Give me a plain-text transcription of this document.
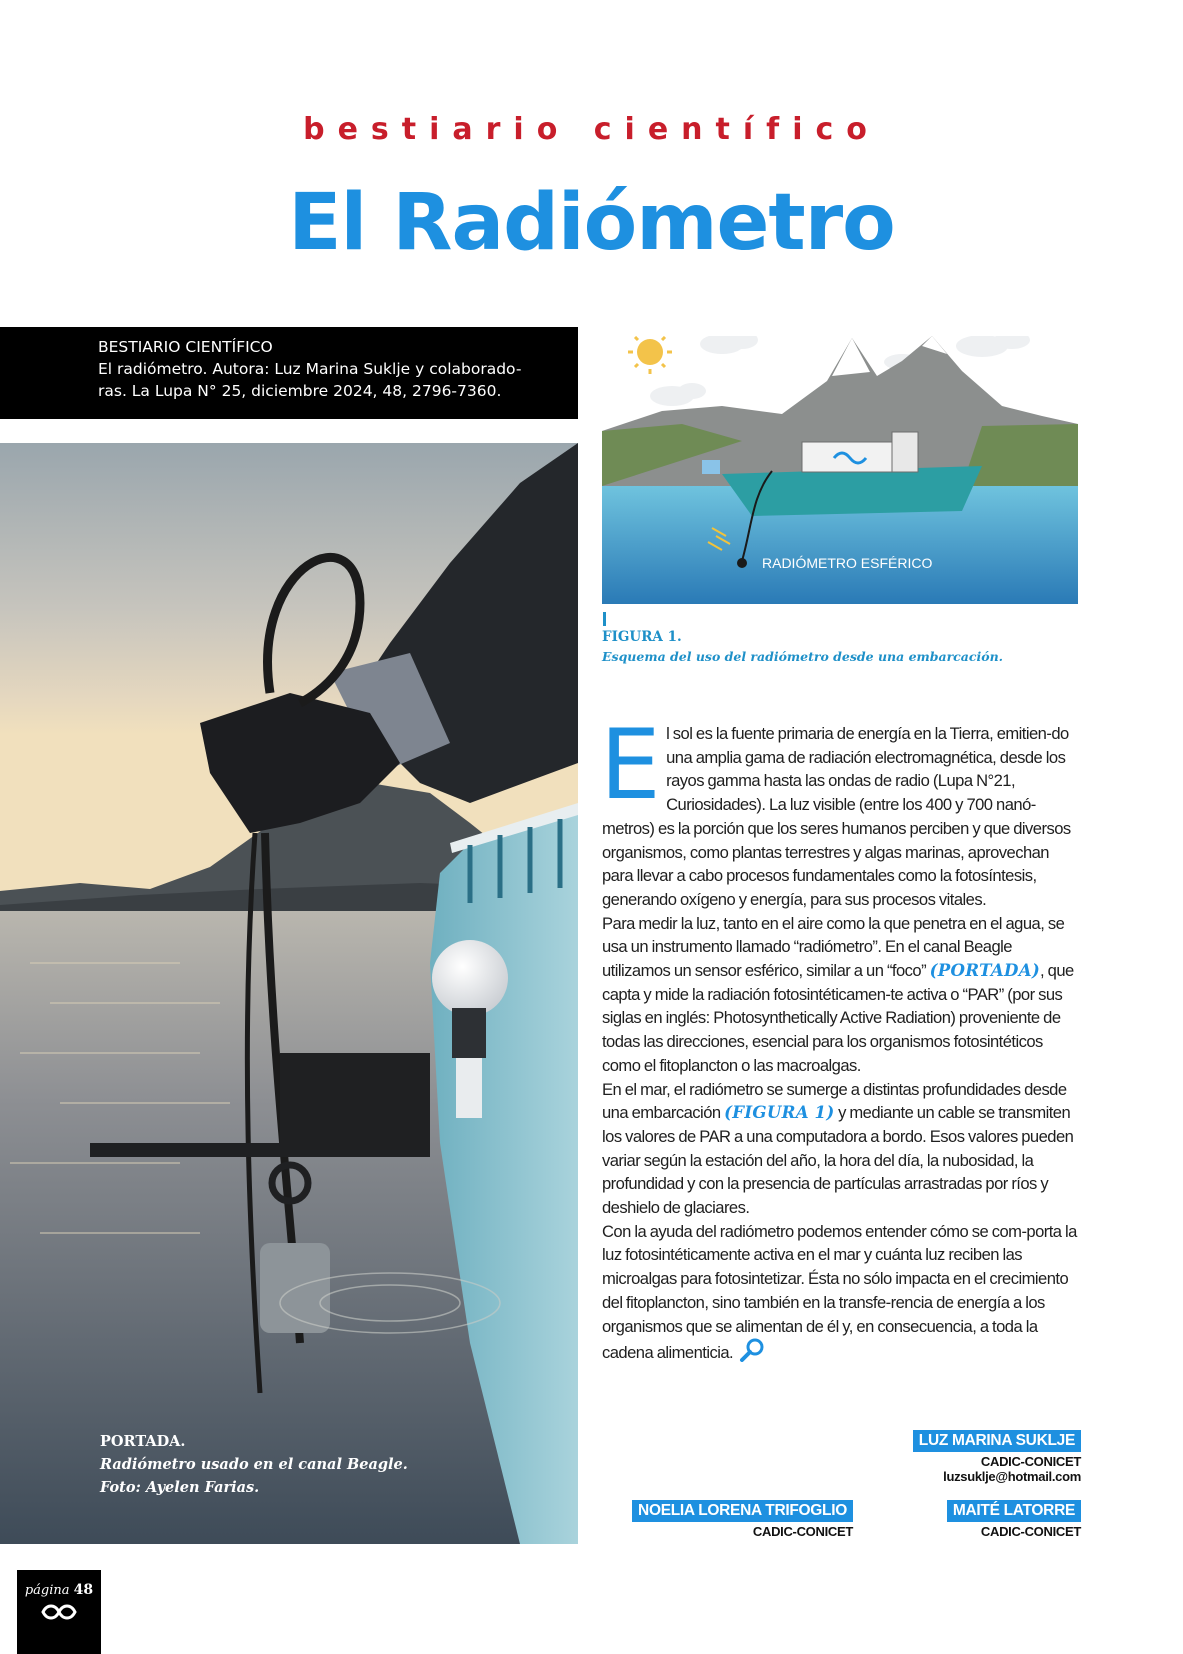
bestiario científico
El Radiómetro
BESTIARIO CIENTÍFICO
El radiómetro. Autora: Luz Marina Suklje y colaborado-
ras. La Lupa N° 25, diciembre 2024, 48, 2796-7360.
PORTADA.
Radiómetro usado en el canal Beagle.
Foto: Ayelen Farias.
RADIÓMETRO ESFÉRICO
FIGURA 1.
Esquema del uso del radiómetro desde una embarcación.
E l sol es la fuente primaria de energía en la Tierra, emitien-do una amplia gama de radiación electromagnética, desde los rayos gamma hasta las ondas de radio (Lupa N°21, Curiosidades). La luz visible (entre los 400 y 700 nanó-metros) es la porción que los seres humanos perciben y que diversos organismos, como plantas terrestres y algas marinas, aprovechan para llevar a cabo procesos fundamentales como la fotosíntesis, generando oxígeno y energía, para sus procesos vitales.

Para medir la luz, tanto en el aire como la que penetra en el agua, se usa un instrumento llamado “radiómetro”. En el canal Beagle utilizamos un sensor esférico, similar a un “foco” (PORTADA), que capta y mide la radiación fotosintéticamen-te activa o “PAR” (por sus siglas en inglés: Photosynthetically Active Radiation) proveniente de todas las direcciones, esencial para los organismos fotosintéticos como el fitoplancton o las macroalgas.

En el mar, el radiómetro se sumerge a distintas profundidades desde una embarcación (FIGURA 1) y mediante un cable se transmiten los valores de PAR a una computadora a bordo. Esos valores pueden variar según la estación del año, la hora del día, la nubosidad, la profundidad y con la presencia de partículas arrastradas por ríos y deshielo de glaciares.

Con la ayuda del radiómetro podemos entender cómo se com-porta la luz fotosintéticamente activa en el mar y cuánta luz reciben las microalgas para fotosintetizar. Ésta no sólo impacta en el crecimiento del fitoplancton, sino también en la transfe-rencia de energía a los organismos que se alimentan de él y, en consecuencia, a toda la cadena alimenticia.

LUZ MARINA SUKLJE
CADIC-CONICET
luzsuklje@hotmail.com
NOELIA LORENA TRIFOGLIO
CADIC-CONICET
MAITÉ LATORRE
CADIC-CONICET
página 48
